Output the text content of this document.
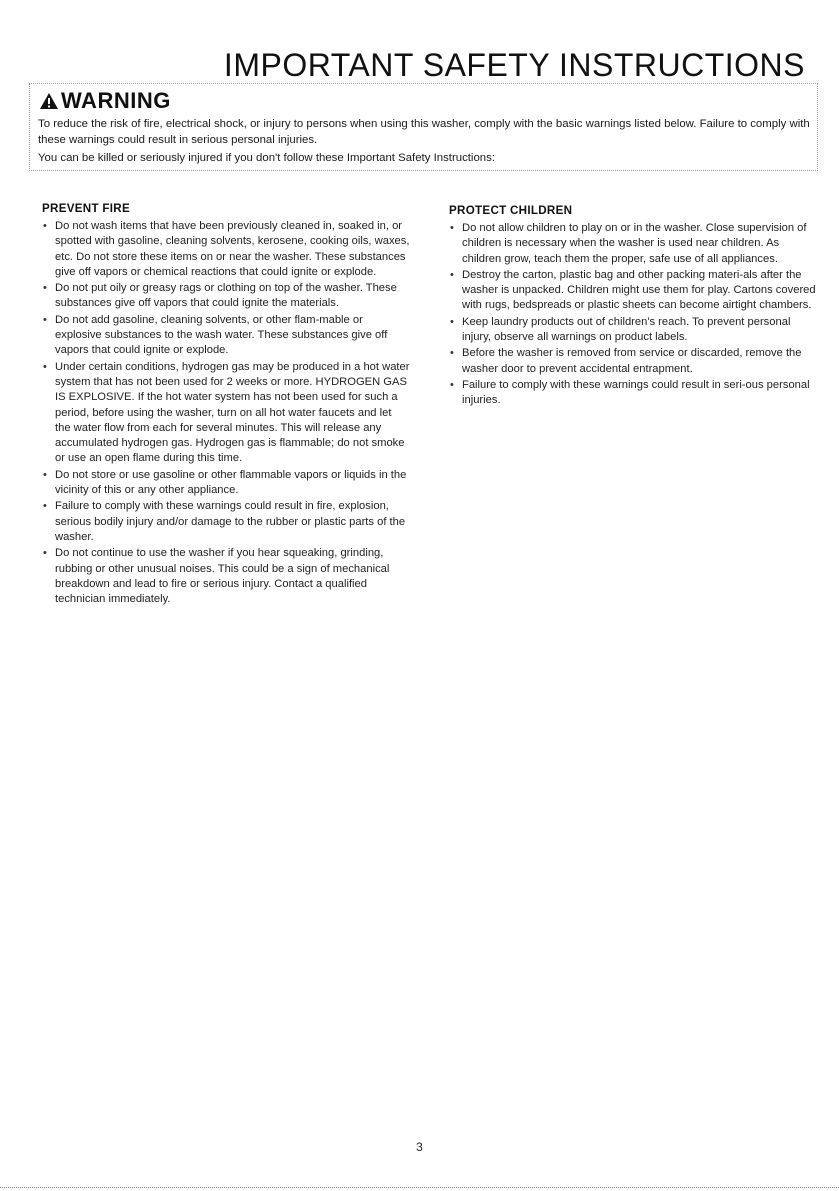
IMPORTANT SAFETY INSTRUCTIONS
WARNING

To reduce the risk of fire, electrical shock, or injury to persons when using this washer, comply with the basic warnings listed below. Failure to comply with these warnings could result in serious personal injuries.

You can be killed or seriously injured if you don't follow these Important Safety Instructions:

PREVENT FIRE
• Do not wash items that have been previously cleaned in, soaked in, or spotted with gasoline, cleaning solvents, kerosene, cooking oils, waxes, etc. Do not store these items on or near the washer. These substances give off vapors or chemical reactions that could ignite or explode.
• Do not put oily or greasy rags or clothing on top of the washer. These substances give off vapors that could ignite the materials.
• Do not add gasoline, cleaning solvents, or other flam-mable or explosive substances to the wash water. These substances give off vapors that could ignite or explode.
• Under certain conditions, hydrogen gas may be produced in a hot water system that has not been used for 2 weeks or more. HYDROGEN GAS IS EXPLOSIVE. If the hot water system has not been used for such a period, before using the washer, turn on all hot water faucets and let the water flow from each for several minutes. This will release any accumulated hydrogen gas. Hydrogen gas is flammable; do not smoke or use an open flame during this time.
• Do not store or use gasoline or other flammable vapors or liquids in the vicinity of this or any other appliance.
• Failure to comply with these warnings could result in fire, explosion, serious bodily injury and/or damage to the rubber or plastic parts of the washer.
• Do not continue to use the washer if you hear squeaking, grinding, rubbing or other unusual noises. This could be a sign of mechanical breakdown and lead to fire or serious injury. Contact a qualified technician immediately.
PROTECT CHILDREN
• Do not allow children to play on or in the washer. Close supervision of children is necessary when the washer is used near children. As children grow, teach them the proper, safe use of all appliances.
• Destroy the carton, plastic bag and other packing materi-als after the washer is unpacked. Children might use them for play. Cartons covered with rugs, bedspreads or plastic sheets can become airtight chambers.
• Keep laundry products out of children's reach. To prevent personal injury, observe all warnings on product labels.
• Before the washer is removed from service or discarded, remove the washer door to prevent accidental entrapment.
• Failure to comply with these warnings could result in seri-ous personal injuries.
3
